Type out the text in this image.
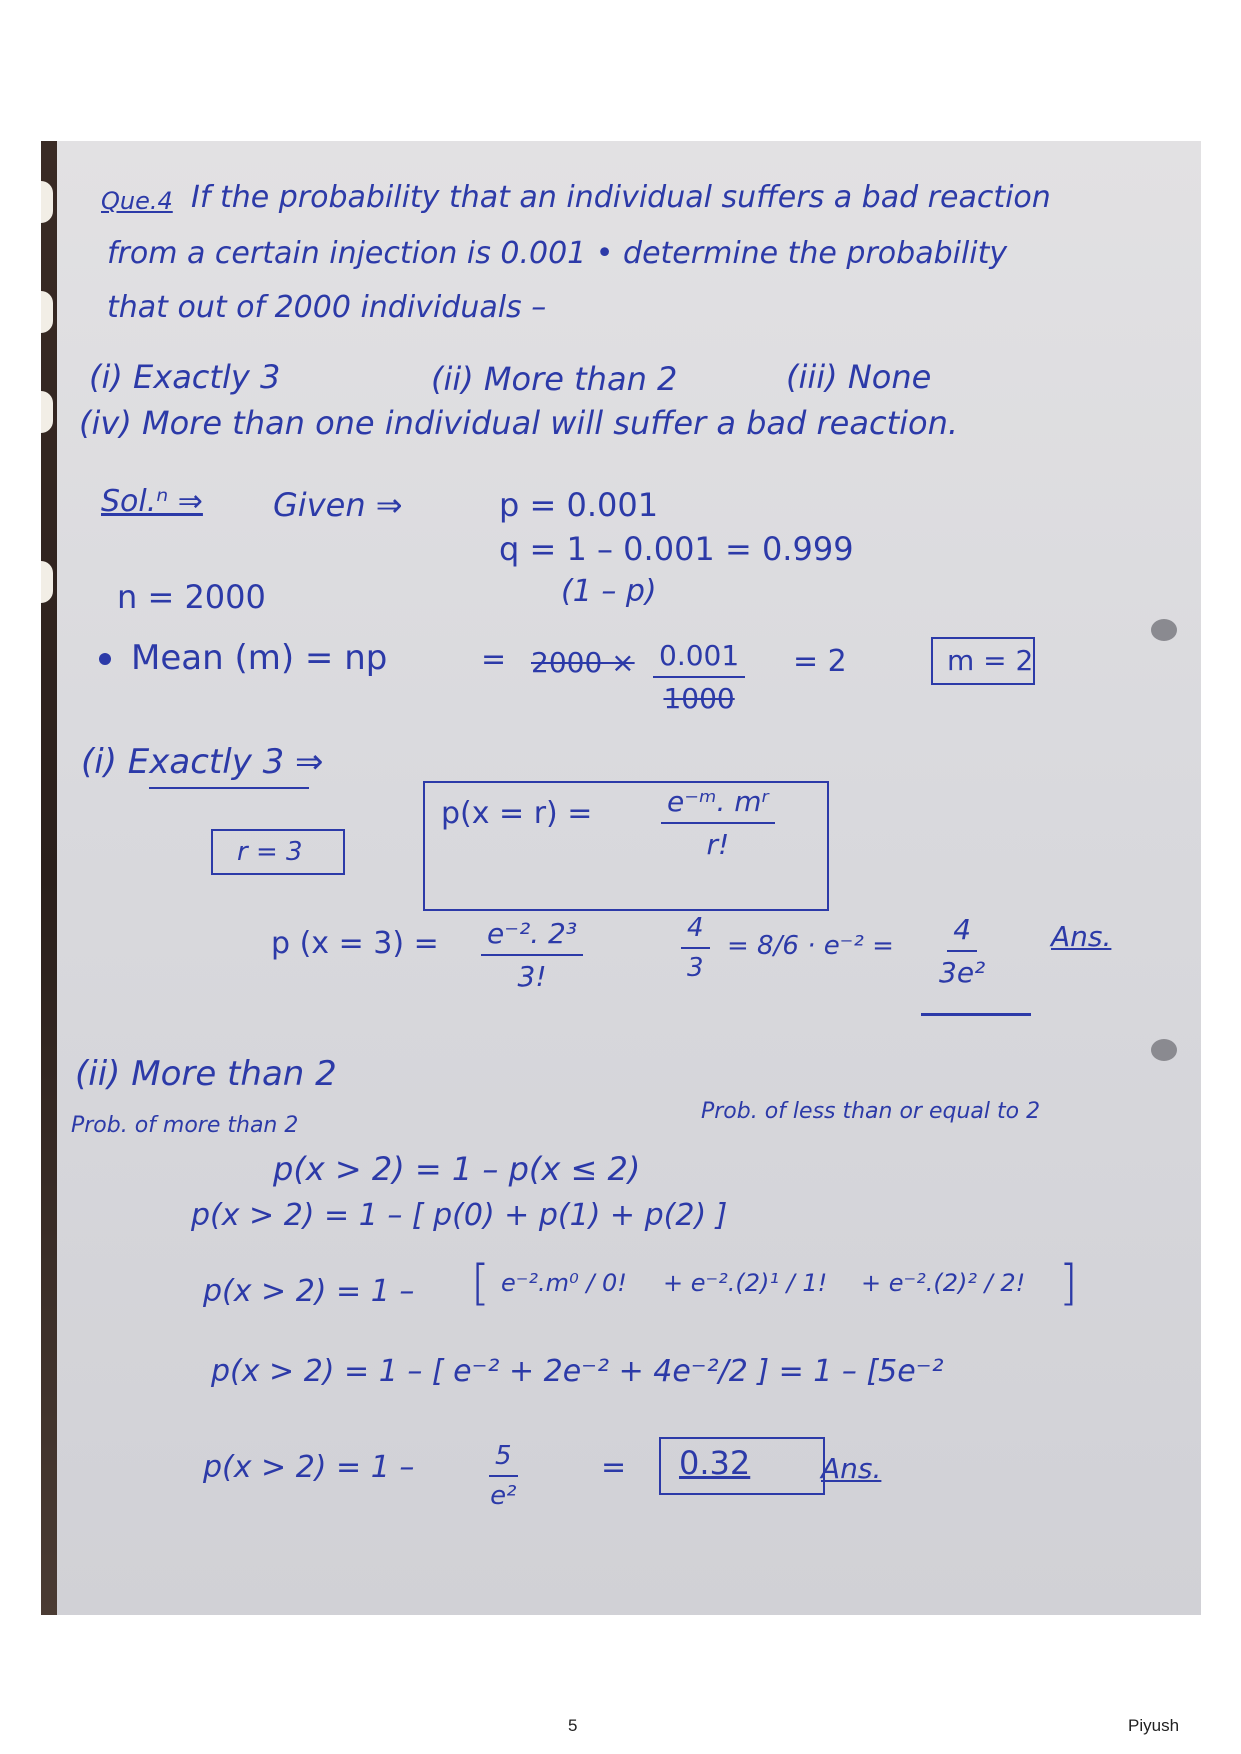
Que.4 If the probability that an individual suffers a bad reaction
from a certain injection is 0.001 • determine the probability
that out of 2000 individuals –
(i) Exactly 3	(ii) More than 2	(iii) None
(iv) More than one individual will suffer a bad reaction.
Sol.ⁿ ⇒ Given ⇒	p = 0.001
q = 1 – 0.001 = 0.999
(1 – p)
n = 2000
Mean (m) = np	= $2000 \times \frac{0.001}{1000} = 2$	m = 2
(i) Exactly 3 ⇒
r = 3
$p(x = r) = \frac{\text{e⁻ᵐ. mʳ}}{r!}$
p $(x = 3) = \frac{\text{e⁻². 2³}}{3!}$	$\frac{4}{3} = 8/6 \cdot e^{-2} = \frac{4}{\text{3e²}}$ Ans.
(ii) More than 2
Prob. of more than 2
Prob. of less than or equal to 2
p(x > 2) = 1 – p(x ≤ 2)
p(x > 2) = 1 – [ p(0) + p(1) + p(2) ]
p(x > 2) = 1 – [ e⁻².m⁰ / 0! + e⁻².(2)¹ / 1! + e⁻².(2)² / 2! ]
p(x > 2) = 1 – [ e⁻² + 2e⁻² + 4e⁻²/2 ] = 1 – [5e⁻²
p(x > 2) = 1 –	$\frac{5}{\text{e²}}$	= 0.32	Ans.
5	Piyush
